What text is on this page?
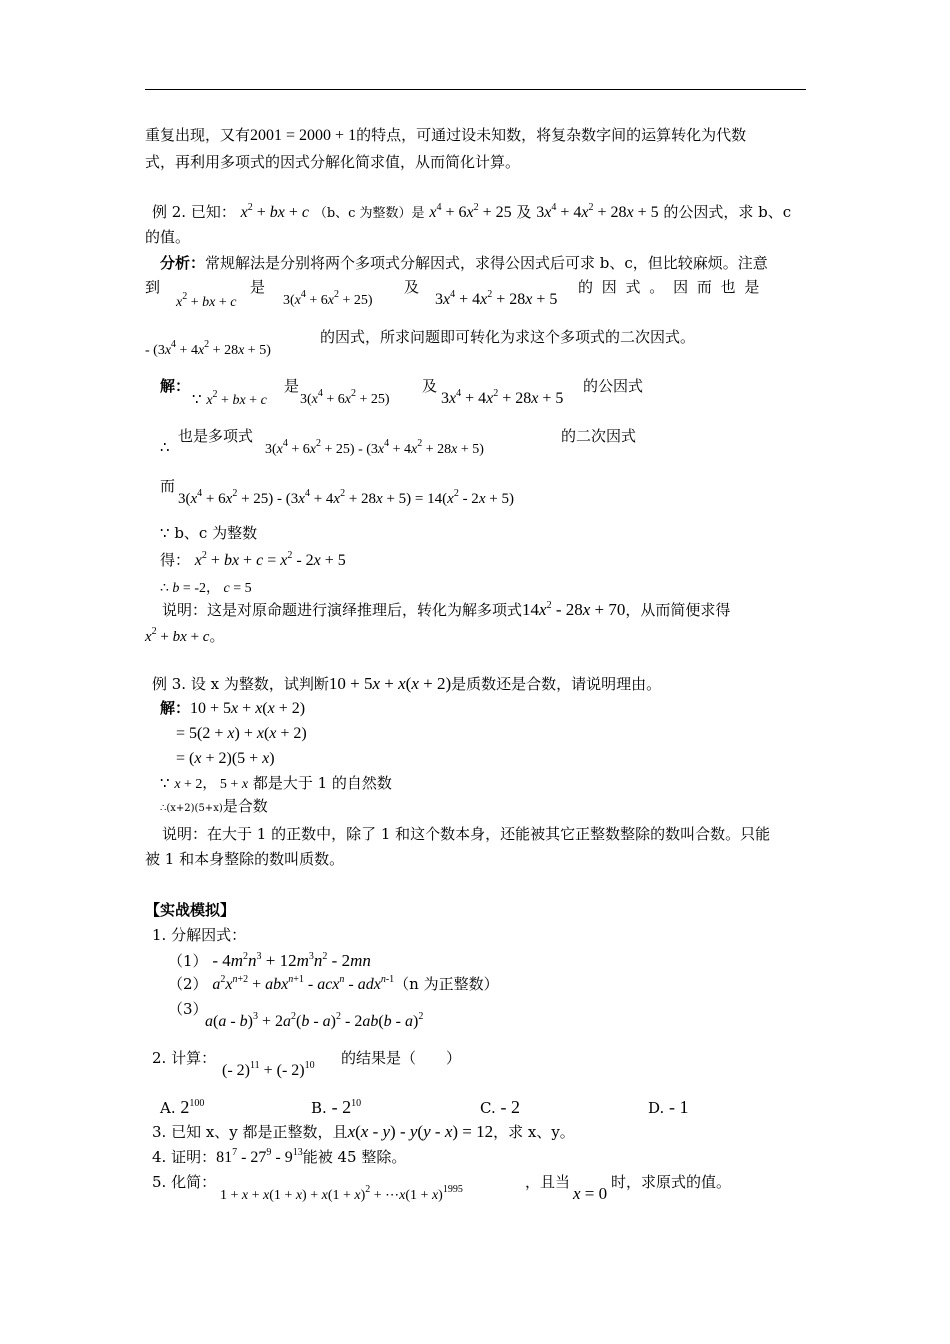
重复出现，又有2001 = 2000 + 1的特点，可通过设未知数，将复杂数字间的运算转化为代数
式，再利用多项式的因式分解化简求值，从而简化计算。
例 2. 已知： $x^2$ + bx + c （b、c 为整数）是 $x^4 + 6x^2 + 25$ 及 $3x^4 + 4x^2 + 28x + 5$ 的公因式，求 b、c
的值。
分析：常规解法是分别将两个多项式分解因式，求得公因式后可求 b、c，但比较麻烦。注意
到
$x^2$ + bx + c
是
$3(x^4 + 6x^2 + 25)$
及
$3x^4 + 4x^2 + 28x + 5$
的 因 式 。 因 而 也 是
- $(3x^4 + 4x^2 + 28x + 5)$
的因式，所求问题即可转化为求这个多项式的二次因式。
解：
∵ $x^2$ + bx + c
是
$3(x^4 + 6x^2 + 25)$
及
$3x^4 + 4x^2 + 28x + 5$
的公因式
∴
也是多项式
$3(x^4 + 6x^2 + 25) - (3x^4 + 4x^2 + 28x + 5)$
的二次因式
而
$3(x^4 + 6x^2 + 25) - (3x^4 + 4x^2 + 28x + 5) = 14(x^2 - 2x + 5)$
∵ b、c 为整数
得： $x^2$ + bx + $c = x^2 - 2x + 5$
∴ b = -2， c = 5
说明：这是对原命题进行演绎推理后，转化为解多项式$14x^2 - 28x + 70$，从而简便求得
$x^2$ + bx + c。
例 3. 设 x 为整数，试判断10 + 5x + x(x + 2)是质数还是合数，请说明理由。
解：10 + 5x + x(x + 2)
= 5(2 + x) + x(x + 2)
= (x + 2)(5 + x)
∵ x + 2， 5 + x 都是大于 1 的自然数
∴(x+2)(5+x)是合数
说明：在大于 1 的正数中，除了 1 和这个数本身，还能被其它正整数整除的数叫合数。只能
被 1 和本身整除的数叫质数。
【实战模拟】
1. 分解因式：
$(1) - 4m^2n^3 + 12m^3n^2 - 2mn$
（2） $a^2x^{n+2} + abx^{n+1} - acx^n - adx^{n-1}(n$ 为正整数）
（3）
$a(a - b)^3 + 2a^2(b - a)^2 - 2ab(b - a)^2$
2. 计算：
(- 2)$^{11}$ + (- 2)$^{10}$ 的结果是（　　）
A. $2^{100}$	B. - $2^{10}$	C. - 2	D. - 1
3. 已知 x、y 都是正整数，且x(x - y) - y(y - x) = 12，求 x、y。
4. 证明：$81^7 - 27^9 - 9^{13}$能被 45 整除。
5. 化简：
$1 + x + x(1 + x) + x(1 + x)^2$ + ⋯x(1 + x)$^{1995}$	，且当
x = 0
时，求原式的值。
